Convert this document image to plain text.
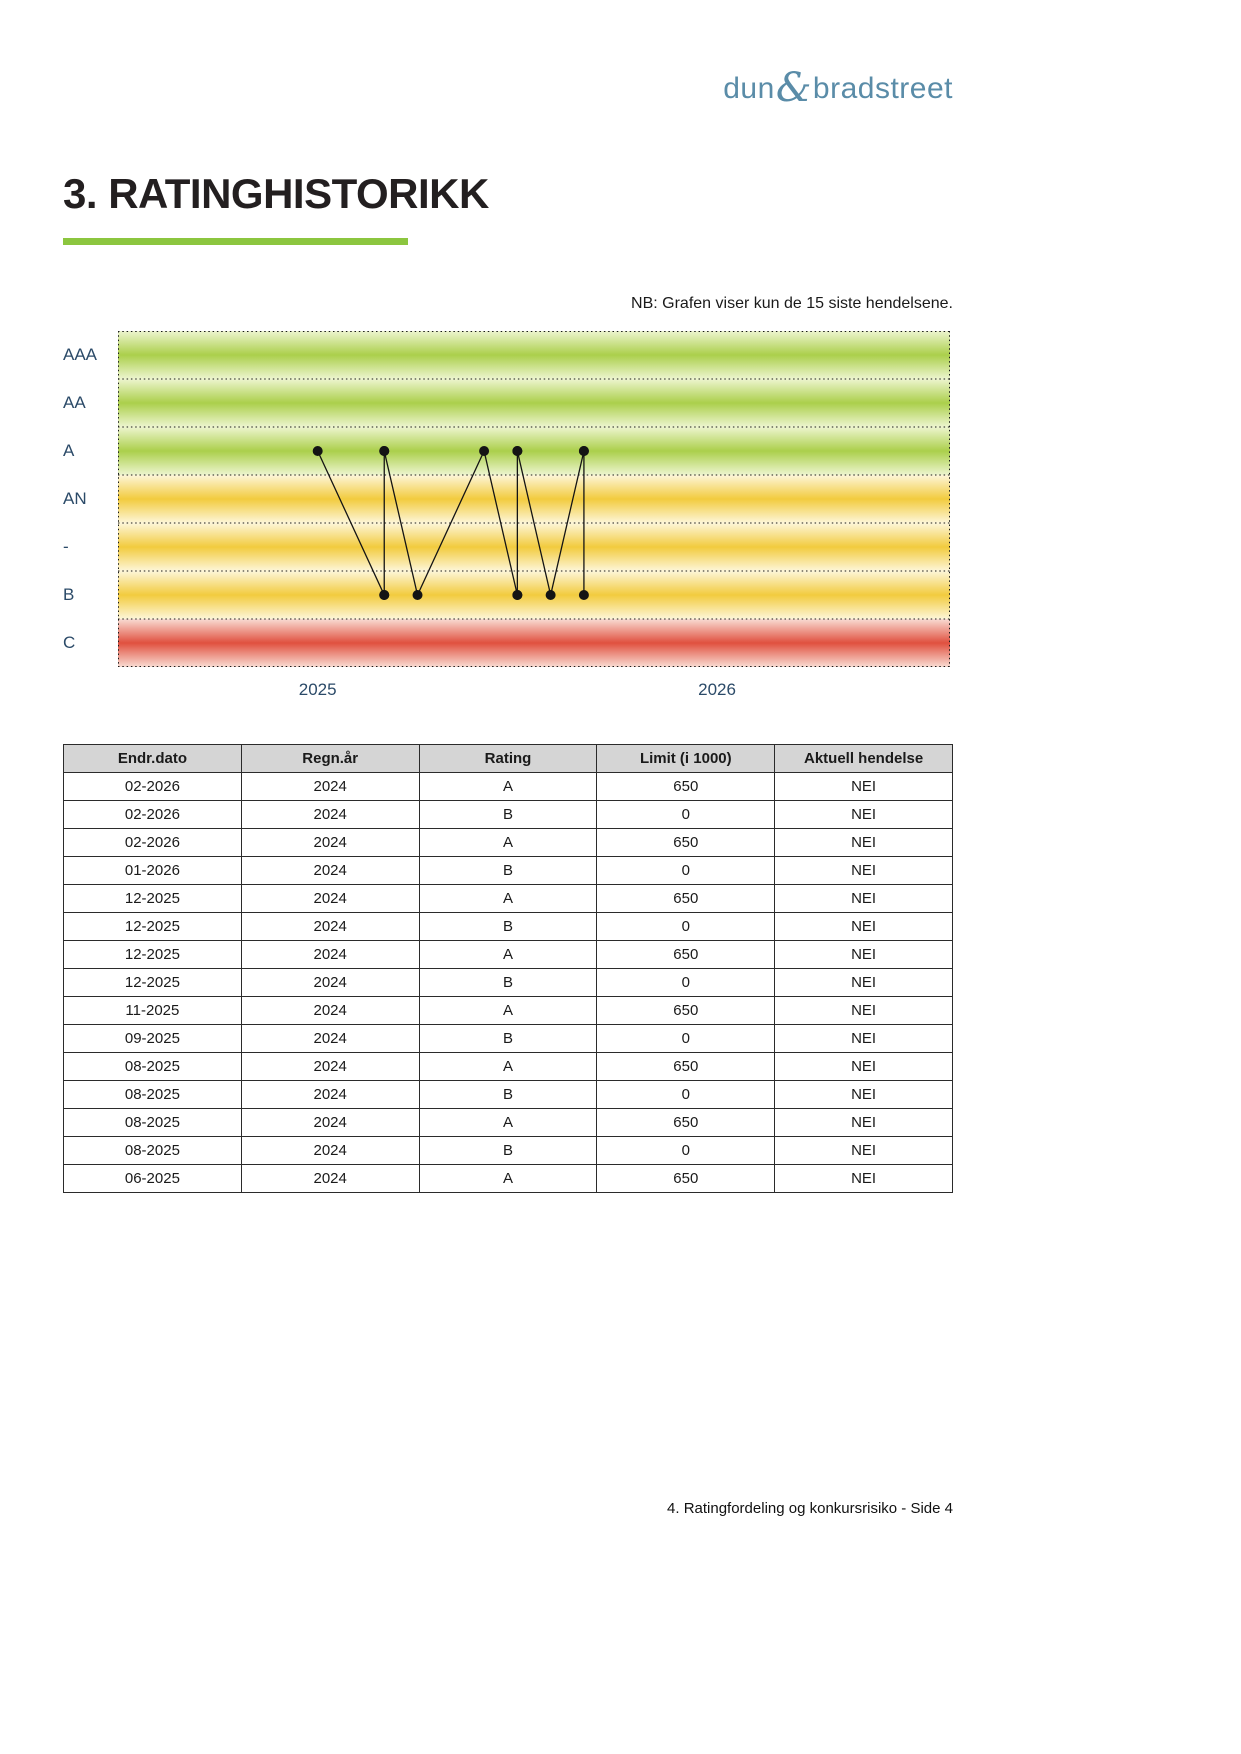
dun & bradstreet
3. RATINGHISTORIKK

NB: Grafen viser kun de 15 siste hendelsene.

AAA
AA
A
AN
-
B
C
2025	2026
Endr.dato	Regn.år	Rating	Limit (i 1000)	Aktuell hendelse
02-2026	2024	A	650	NEI
02-2026	2024	B	0	NEI
02-2026	2024	A	650	NEI
01-2026	2024	B	0	NEI
12-2025	2024	A	650	NEI
12-2025	2024	B	0	NEI
12-2025	2024	A	650	NEI
12-2025	2024	B	0	NEI
11-2025	2024	A	650	NEI
09-2025	2024	B	0	NEI
08-2025	2024	A	650	NEI
08-2025	2024	B	0	NEI
08-2025	2024	A	650	NEI
08-2025	2024	B	0	NEI
06-2025	2024	A	650	NEI
4. Ratingfordeling og konkursrisiko - Side 4
